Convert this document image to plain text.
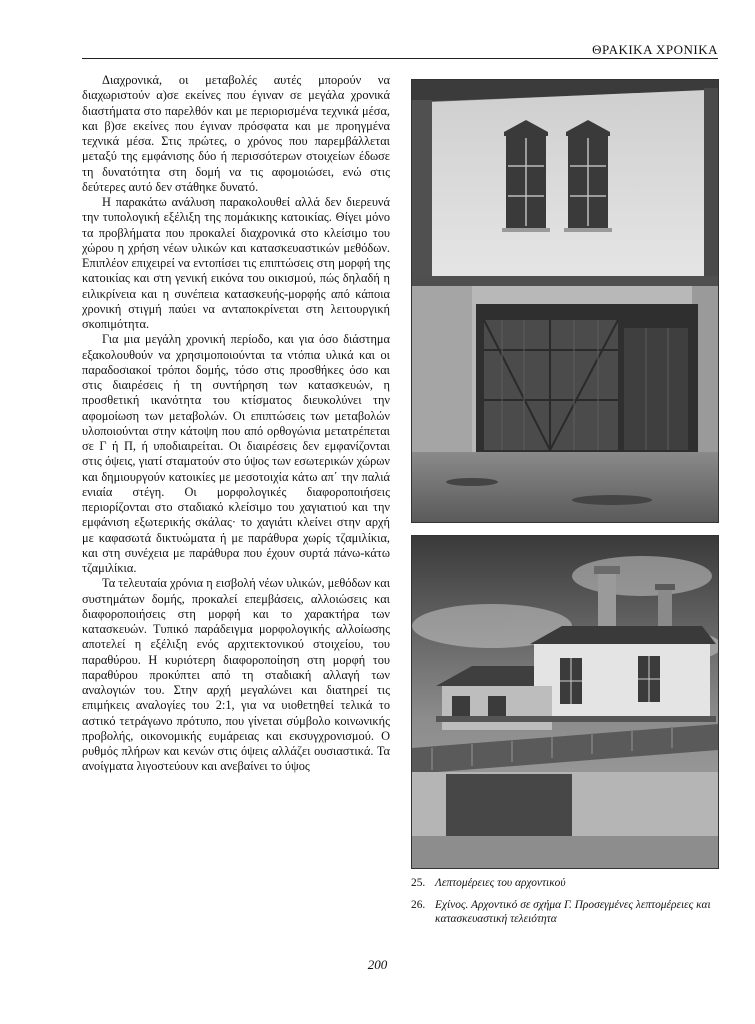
ΘΡΑΚΙΚΑ ΧΡΟΝΙΚΑ

Διαχρονικά, οι μεταβολές αυτές μπορούν να διαχωριστούν α)σε εκείνες που έγιναν σε μεγάλα χρονικά διαστήματα στο παρελθόν και με περιορισμένα τεχνικά μέσα, και β)σε εκείνες που έγιναν πρόσφατα και με προηγμένα τεχνικά μέσα. Στις πρώτες, ο χρόνος που παρεμβάλλεται μεταξύ της εμφάνισης δύο ή περισσότερων στοιχείων έδωσε τη δυνατότητα στη δομή να τις αφομοιώσει, ενώ στις δεύτερες αυτό δεν στάθηκε δυνατό.

Η παρακάτω ανάλυση παρακολουθεί αλλά δεν διερευνά την τυπολογική εξέλιξη της πομάκικης κατοικίας. Θίγει μόνο τα προβλήματα που προκαλεί διαχρονικά στο κλείσιμο του χώρου η χρήση νέων υλικών και κατασκευαστικών μεθόδων. Επιπλέον επιχειρεί να εντοπίσει τις επιπτώσεις στη μορφή της κατοικίας και στη γενική εικόνα του οικισμού, πώς δηλαδή η ειλικρίνεια και η συνέπεια κατασκευής-μορφής από κάποια χρονική στιγμή παύει να ανταποκρίνεται στη λειτουργική σκοπιμότητα.

Για μια μεγάλη χρονική περίοδο, και για όσο διάστημα εξακολουθούν να χρησιμοποιούνται τα ντόπια υλικά και οι παραδοσιακοί τρόποι δομής, τόσο στις προσθήκες όσο και στις διαιρέσεις ή τη συντήρηση των κατασκευών, η προσθετική ικανότητα του κτίσματος διευκολύνει την αφομοίωση των μεταβολών. Οι επιπτώσεις των μεταβολών υλοποιούνται στην κάτοψη που από ορθογώνια μετατρέπεται σε Γ ή Π, ή υποδιαιρείται. Οι διαιρέσεις δεν εμφανίζονται στις όψεις, γιατί σταματούν στο ύψος των εσωτερικών χώρων και δημιουργούν κατοικίες με μεσοτοιχία κάτω απ΄ την παλιά ενιαία στέγη. Οι μορφολογικές διαφοροποιήσεις περιορίζονται στο σταδιακό κλείσιμο του χαγιατιού και την εμφάνιση εξωτερικής σκάλας· το χαγιάτι κλείνει στην αρχή με καφασωτά δικτυώματα ή με παράθυρα χωρίς τζαμιλίκια, και στη συνέχεια με παράθυρα που έχουν συρτά πάνω-κάτω τζαμιλίκια.

Τα τελευταία χρόνια η εισβολή νέων υλικών, μεθόδων και συστημάτων δομής, προκαλεί επεμβάσεις, αλλοιώσεις και διαφοροποιήσεις στη μορφή και το χαρακτήρα των κατασκευών. Τυπικό παράδειγμα μορφολογικής αλλοίωσης αποτελεί η εξέλιξη ενός αρχιτεκτονικού στοιχείου, του παραθύρου. Η κυριότερη διαφοροποίηση στη μορφή του παραθύρου προκύπτει από τη σταδιακή αλλαγή των αναλογιών του. Στην αρχή μεγαλώνει και διατηρεί τις επιμήκεις αναλογίες του 2:1, για να υιοθετηθεί τελικά το αστικό τετράγωνο πρότυπο, που γίνεται σύμβολο κοινωνικής προβολής, οικονομικής ευμάρειας και εκσυγχρονισμού. Ο ρυθμός πλήρων και κενών στις όψεις αλλάζει ουσιαστικά. Τα ανοίγματα λιγοστεύουν και ανεβαίνει το ύψος

25. Λεπτομέρειες του αρχοντικού
26. Εχίνος. Αρχοντικό σε σχήμα Γ. Προσεγμένες λεπτομέρειες και κατασκευαστική τελειότητα
200
